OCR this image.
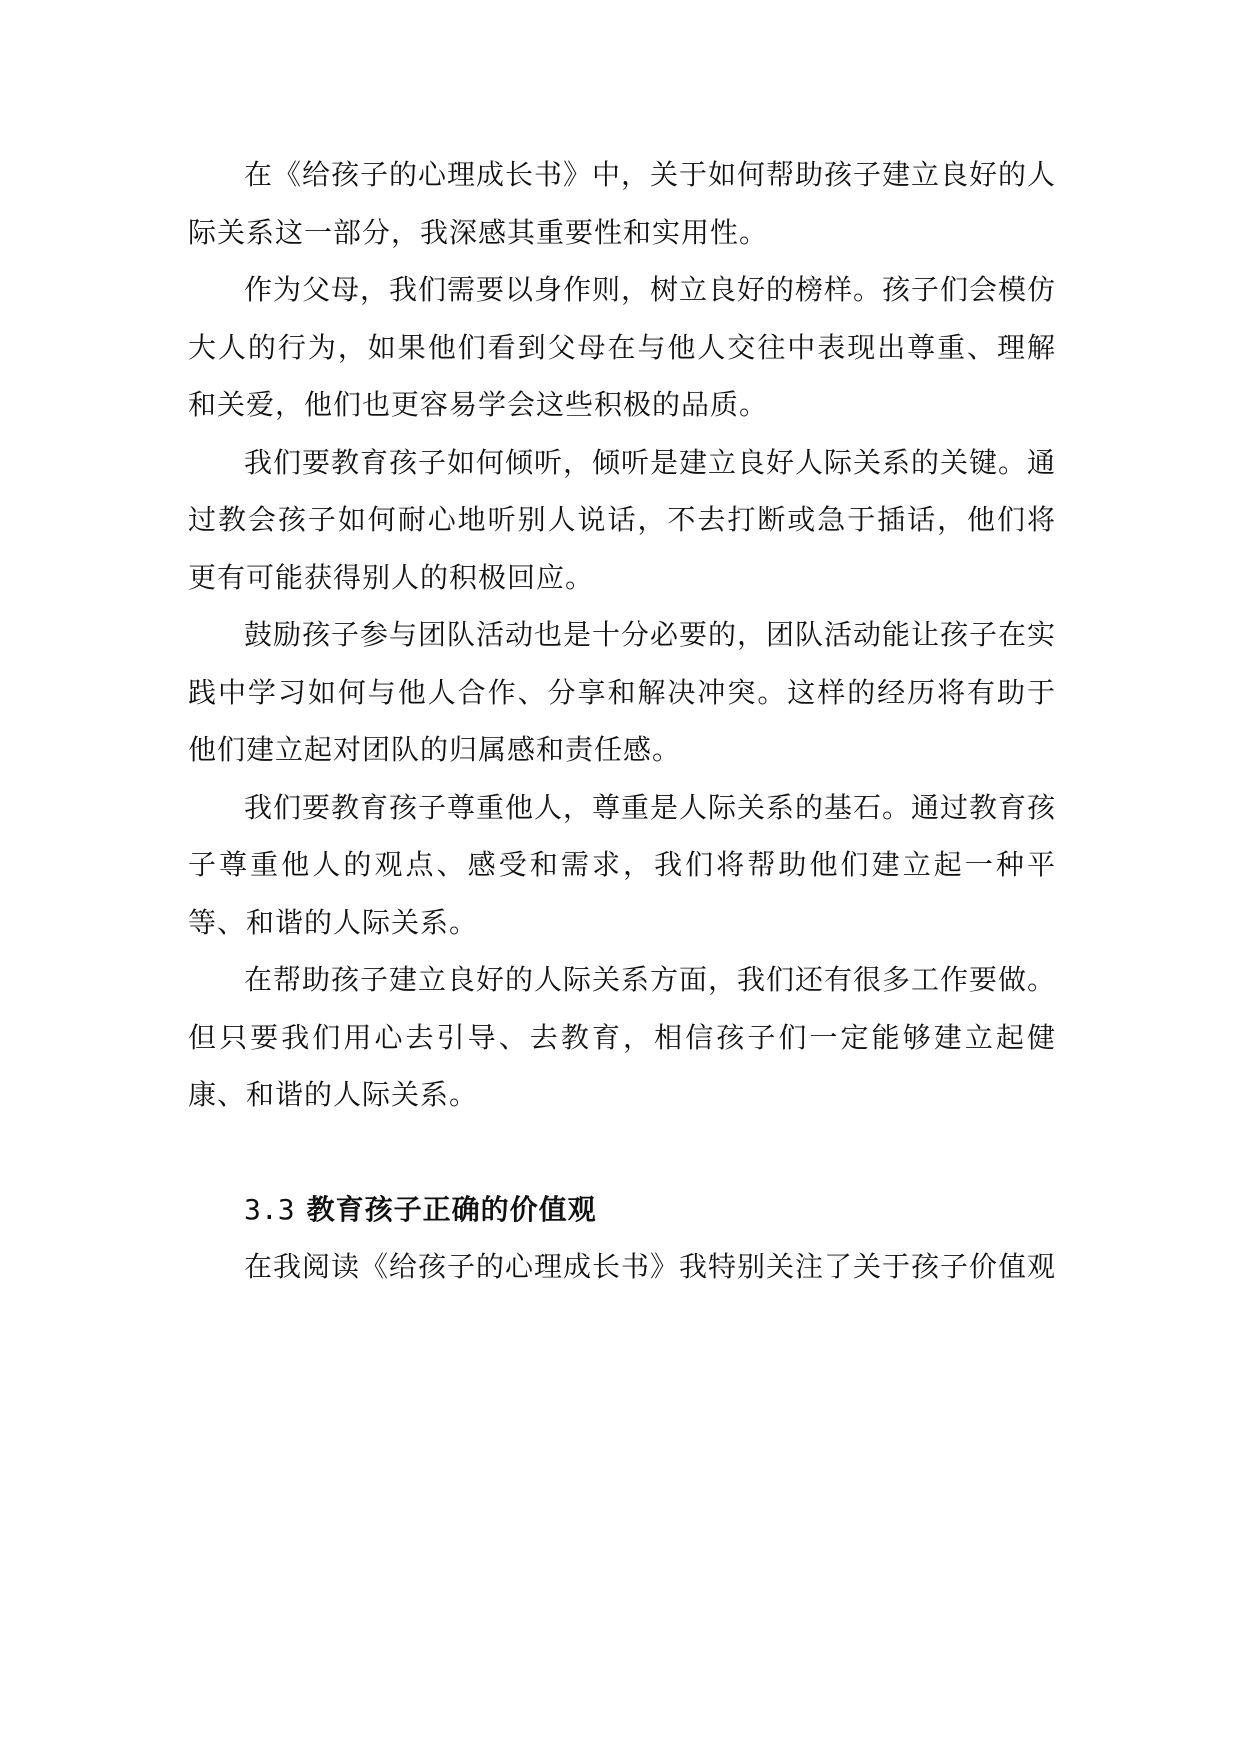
在《给孩子的心理成长书》中，关于如何帮助孩子建立良好的人际关系这一部分，我深感其重要性和实用性。

作为父母，我们需要以身作则，树立良好的榜样。孩子们会模仿大人的行为，如果他们看到父母在与他人交往中表现出尊重、理解和关爱，他们也更容易学会这些积极的品质。

我们要教育孩子如何倾听，倾听是建立良好人际关系的关键。通过教会孩子如何耐心地听别人说话，不去打断或急于插话，他们将更有可能获得别人的积极回应。

鼓励孩子参与团队活动也是十分必要的，团队活动能让孩子在实践中学习如何与他人合作、分享和解决冲突。这样的经历将有助于他们建立起对团队的归属感和责任感。

我们要教育孩子尊重他人，尊重是人际关系的基石。通过教育孩子尊重他人的观点、感受和需求，我们将帮助他们建立起一种平等、和谐的人际关系。

在帮助孩子建立良好的人际关系方面，我们还有很多工作要做。但只要我们用心去引导、去教育，相信孩子们一定能够建立起健康、和谐的人际关系。

3.3 教育孩子正确的价值观

在我阅读《给孩子的心理成长书》我特别关注了关于孩子价值观
